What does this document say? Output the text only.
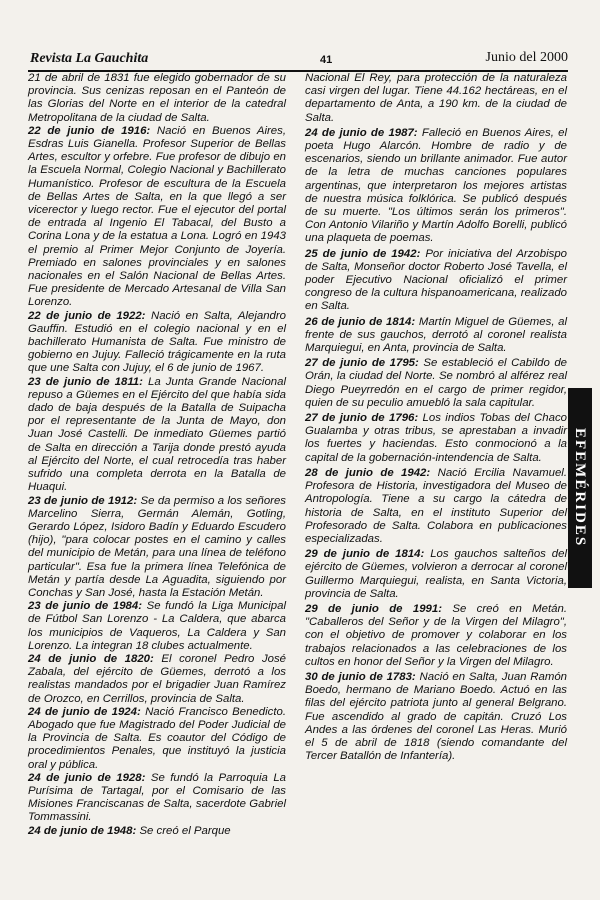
Revista La Gauchita	41	Junio del 2000

21 de abril de 1831 fue elegido gobernador de su provincia. Sus cenizas reposan en el Panteón de las Glorias del Norte en el interior de la catedral Metropolitana de la ciudad de Salta.

22 de junio de 1916: Nació en Buenos Aires, Esdras Luis Gianella. Profesor Superior de Bellas Artes, escultor y orfebre. Fue profesor de dibujo en la Escuela Normal, Colegio Nacional y Bachillerato Humanístico. Profesor de escultura de la Escuela de Bellas Artes de Salta, en la que llegó a ser vicerector y luego rector. Fue el ejecutor del portal de entrada al Ingenio El Tabacal, del Busto a Corina Lona y de la estatua a Lona. Logró en 1943 el premio al Primer Mejor Conjunto de Joyería. Premiado en salones provinciales y en salones nacionales en el Salón Nacional de Bellas Artes. Fue presidente de Mercado Artesanal de Villa San Lorenzo.

22 de junio de 1922: Nació en Salta, Alejandro Gauffin. Estudió en el colegio nacional y en el bachillerato Humanista de Salta. Fue ministro de gobierno en Jujuy. Falleció trágicamente en la ruta que une Salta con Jujuy, el 6 de junio de 1967.

23 de junio de 1811: La Junta Grande Nacional repuso a Güemes en el Ejército del que había sida dado de baja después de la Batalla de Suipacha por el representante de la Junta de Mayo, don Juan José Castelli. De inmediato Güemes partió de Salta en dirección a Tarija donde prestó ayuda al Ejército del Norte, el cual retrocedía tras haber sufrido una completa derrota en la Batalla de Huaqui.

23 de junio de 1912: Se da permiso a los señores Marcelino Sierra, Germán Alemán, Gotling, Gerardo López, Isidoro Badín y Eduardo Escudero (hijo), "para colocar postes en el camino y calles del municipio de Metán, para una línea de teléfono particular". Esa fue la primera línea Telefónica de Metán y partía desde La Aguadita, siguiendo por Conchas y San José, hasta la Estación Metán.

23 de junio de 1984: Se fundó la Liga Municipal de Fútbol San Lorenzo - La Caldera, que abarca los municipios de Vaqueros, La Caldera y San Lorenzo. La integran 18 clubes actualmente.

24 de junio de 1820: El coronel Pedro José Zabala, del ejército de Güemes, derrotó a los realistas mandados por el brigadier Juan Ramírez de Orozco, en Cerrillos, provincia de Salta.

24 de junio de 1924: Nació Francisco Benedicto. Abogado que fue Magistrado del Poder Judicial de la Provincia de Salta. Es coautor del Código de procedimientos Penales, que instituyó la justicia oral y pública.

24 de junio de 1928: Se fundó la Parroquia La Purísima de Tartagal, por el Comisario de las Misiones Franciscanas de Salta, sacerdote Gabriel Tommassini.

24 de junio de 1948: Se creó el Parque

Nacional El Rey, para protección de la naturaleza casi virgen del lugar. Tiene 44.162 hectáreas, en el departamento de Anta, a 190 km. de la ciudad de Salta.

24 de junio de 1987: Falleció en Buenos Aires, el poeta Hugo Alarcón. Hombre de radio y de escenarios, siendo un brillante animador. Fue autor de la letra de muchas canciones populares argentinas, que interpretaron los mejores artistas de nuestra música folklórica. Se publicó después de su muerte. "Los últimos serán los primeros". Con Antonio Vilariño y Martín Adolfo Borelli, publicó una plaqueta de poemas.

25 de junio de 1942: Por iniciativa del Arzobispo de Salta, Monseñor doctor Roberto José Tavella, el poder Ejecutivo Nacional oficializó el primer congreso de la cultura hispanoamericana, realizado en Salta.

26 de junio de 1814: Martín Miguel de Güemes, al frente de sus gauchos, derrotó al coronel realista Marquiegui, en Anta, provincia de Salta.

27 de junio de 1795: Se estableció el Cabildo de Orán, la ciudad del Norte. Se nombró al alférez real Diego Pueyrredón en el cargo de primer regidor, quien de su peculio amuebló la sala capitular.

27 de junio de 1796: Los indios Tobas del Chaco Gualamba y otras tribus, se aprestaban a invadir los fuertes y haciendas. Esto conmocionó a la capital de la gobernación-intendencia de Salta.

28 de junio de 1942: Nació Ercilia Navamuel. Profesora de Historia, investigadora del Museo de Antropología. Tiene a su cargo la cátedra de historia de Salta, en el instituto Superior del Profesorado de Salta. Colabora en publicaciones especializadas.

29 de junio de 1814: Los gauchos salteños del ejército de Güemes, volvieron a derrocar al coronel Guillermo Marquiegui, realista, en Santa Victoria, provincia de Salta.

29 de junio de 1991: Se creó en Metán. "Caballeros del Señor y de la Virgen del Milagro", con el objetivo de promover y colaborar en los trabajos relacionados a las celebraciones de los cultos en honor del Señor y la Virgen del Milagro.

30 de junio de 1783: Nació en Salta, Juan Ramón Boedo, hermano de Mariano Boedo. Actuó en las filas del ejército patriota junto al general Belgrano. Fue ascendido al grado de capitán. Cruzó Los Andes a las órdenes del coronel Las Heras. Murió el 5 de abril de 1818 (siendo comandante del Tercer Batallón de Infantería).

EFEMÉRIDES
